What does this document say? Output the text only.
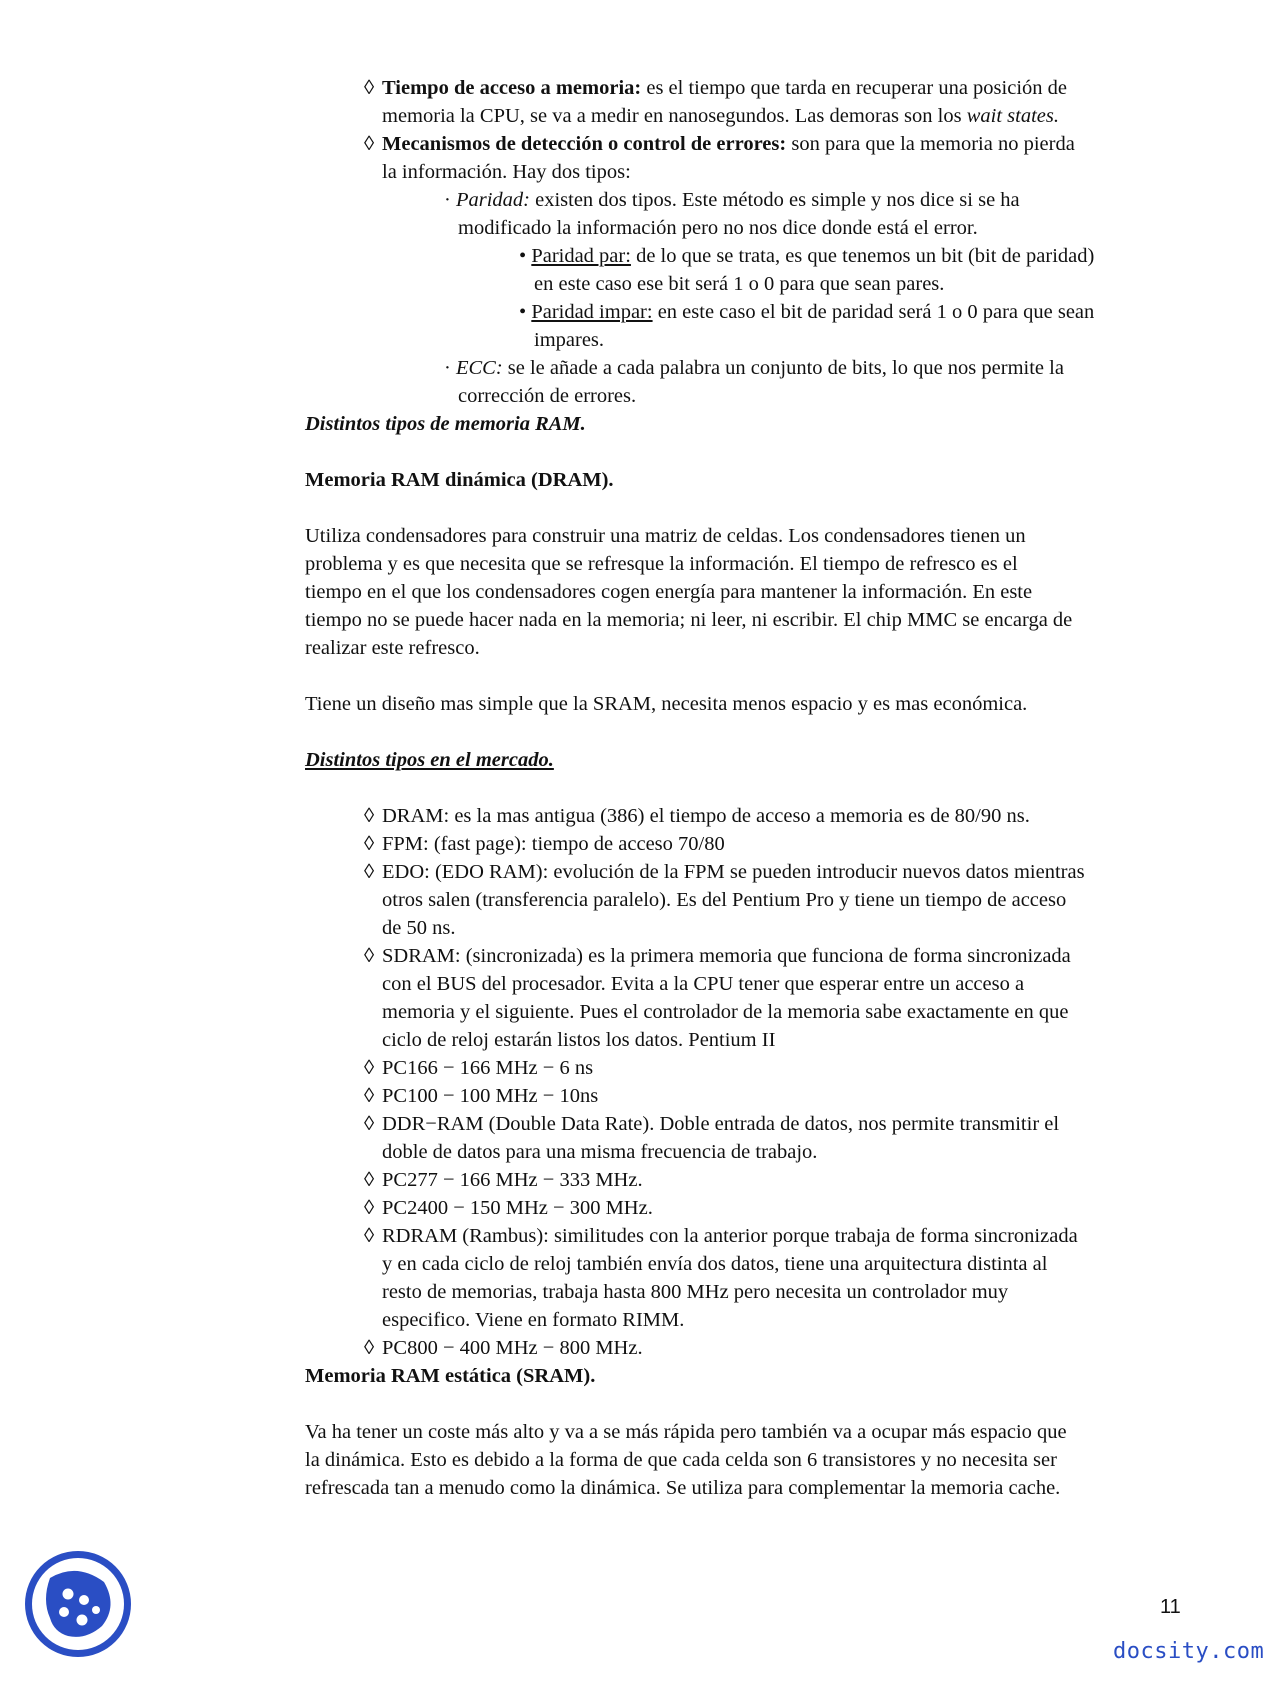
◊ Tiempo de acceso a memoria: es el tiempo que tarda en recuperar una posición de
memoria la CPU, se va a medir en nanosegundos. Las demoras son los wait states.
◊ Mecanismos de detección o control de errores: son para que la memoria no pierda
la información. Hay dos tipos:
· Paridad: existen dos tipos. Este método es simple y nos dice si se ha
modificado la información pero no nos dice donde está el error.
• Paridad par: de lo que se trata, es que tenemos un bit (bit de paridad)
en este caso ese bit será 1 o 0 para que sean pares.
• Paridad impar: en este caso el bit de paridad será 1 o 0 para que sean
impares.
· ECC: se le añade a cada palabra un conjunto de bits, lo que nos permite la
corrección de errores.
Distintos tipos de memoria RAM.
Memoria RAM dinámica (DRAM).
Utiliza condensadores para construir una matriz de celdas. Los condensadores tienen un
problema y es que necesita que se refresque la información. El tiempo de refresco es el
tiempo en el que los condensadores cogen energía para mantener la información. En este
tiempo no se puede hacer nada en la memoria; ni leer, ni escribir. El chip MMC se encarga de
realizar este refresco.
Tiene un diseño mas simple que la SRAM, necesita menos espacio y es mas económica.
Distintos tipos en el mercado.
◊ DRAM: es la mas antigua (386) el tiempo de acceso a memoria es de 80/90 ns.
◊ FPM: (fast page): tiempo de acceso 70/80
◊ EDO: (EDO RAM): evolución de la FPM se pueden introducir nuevos datos mientras
otros salen (transferencia paralelo). Es del Pentium Pro y tiene un tiempo de acceso
de 50 ns.
◊ SDRAM: (sincronizada) es la primera memoria que funciona de forma sincronizada
con el BUS del procesador. Evita a la CPU tener que esperar entre un acceso a
memoria y el siguiente. Pues el controlador de la memoria sabe exactamente en que
ciclo de reloj estarán listos los datos. Pentium II
◊ PC166 − 166 MHz − 6 ns
◊ PC100 − 100 MHz − 10ns
◊ DDR−RAM (Double Data Rate). Doble entrada de datos, nos permite transmitir el
doble de datos para una misma frecuencia de trabajo.
◊ PC277 − 166 MHz − 333 MHz.
◊ PC2400 − 150 MHz − 300 MHz.
◊ RDRAM (Rambus): similitudes con la anterior porque trabaja de forma sincronizada
y en cada ciclo de reloj también envía dos datos, tiene una arquitectura distinta al
resto de memorias, trabaja hasta 800 MHz pero necesita un controlador muy
especifico. Viene en formato RIMM.
◊ PC800 − 400 MHz − 800 MHz.
Memoria RAM estática (SRAM).
Va ha tener un coste más alto y va a se más rápida pero también va a ocupar más espacio que
la dinámica. Esto es debido a la forma de que cada celda son 6 transistores y no necesita ser
refrescada tan a menudo como la dinámica. Se utiliza para complementar la memoria cache.
11
docsity.com
